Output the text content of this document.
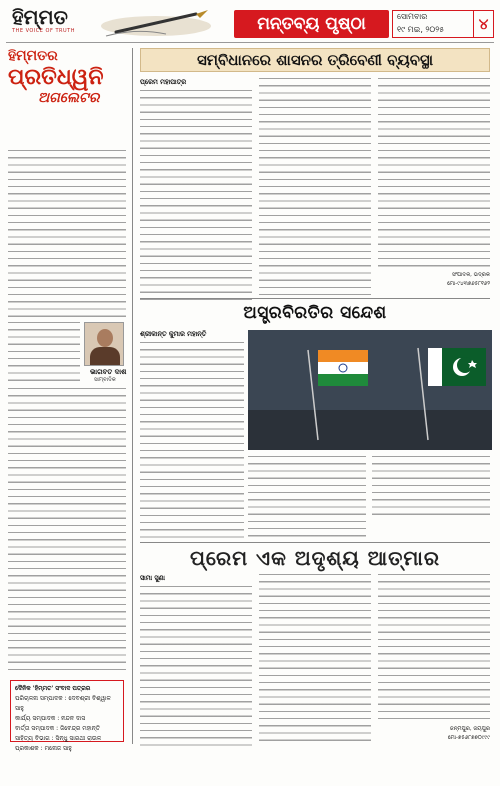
ହିମ୍ମତ
THE VOICE OF TRUTH	ମନ୍ତବ୍ୟ ପୃଷ୍ଠା	ସୋମବାର
୧୯ ମଇ, ୨୦୨୫	୪
ହିମ୍ମତର
ପ୍ରତିଧ୍ୱନି
ଅଗଲେଟର
ଭାଗବତ ଦାଶ
ସାମ୍ବାଦିକ
ଦୈନିକ 'ହିମ୍ମତ' ସଂବାଦ ପତ୍ରର
ପରିଚାଳନା ସମ୍ପାଦକ : ଦେବଶ୍ରୀ ବିଶ୍ୱାଳ ସାହୁ
କାର୍ଯ୍ୟ ସମ୍ପାଦକ : ନନ୍ଦନ ଦାସ
ବାର୍ତ୍ତା ସମ୍ପାଦକ : ଜିବେନ୍ଦ୍ର ମହାନ୍ତି
ସାହିତ୍ୟ ବିଭାଗ : ସିନ୍ଧୁ ସାରଥୀ ରାଉଳ
ପ୍ରକାଶକ : ମନୋଜ ସାହୁ
ସମ୍ବିଧାନରେ ଶାସନର ତ୍ରିବେଣୀ ବ୍ୟବସ୍ଥା
ପ୍ରେମ ମହାପାତ୍ର
ସଂପାଦକ, ଭଦ୍ରକ
ମୋ-୯୪୩୭୬୫୮୧୬୨
ଅସ୍ତ୍ରବିରତିର ସନ୍ଦେଶ
ଶ୍ରୀକାନ୍ତ କୁମାର ମହାନ୍ତି
ପ୍ରେମ ଏକ ଅଦୃଶ୍ୟ ଆତ୍ମାର
ସାମା ସୁଣା
ଜନ୍ମପୁର, ଜୟପୁର
ମୋ-୭୫୬୮୭୭୦୯୯୯
